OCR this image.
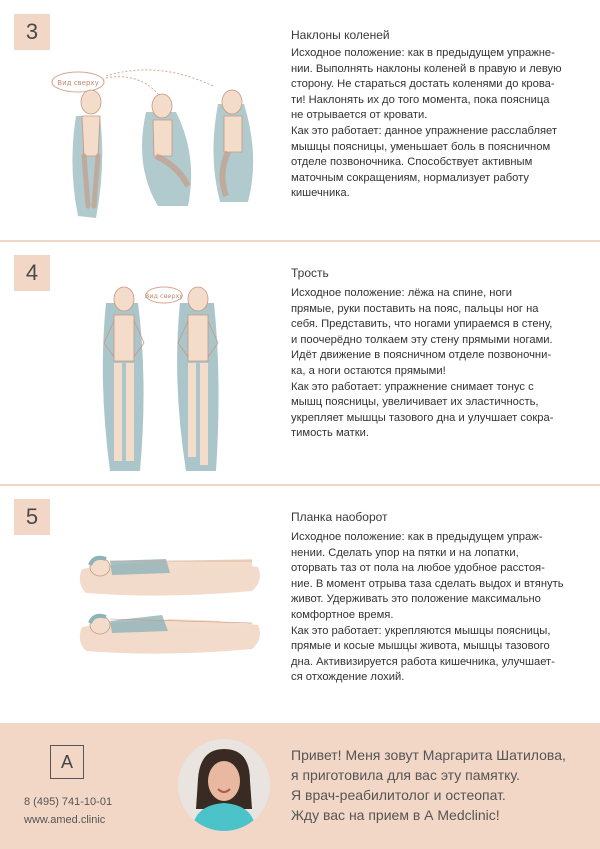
3
Вид сверху
Наклоны коленей

Исходное положение: как в предыдущем упражне-

нии. Выполнять наклоны коленей в правую и левую

сторону. Не стараться достать коленями до крова-

ти! Наклонять их до того момента, пока поясница

не отрывается от кровати.

Как это работает: данное упражнение расслабляет

мышцы поясницы, уменьшает боль в поясничном

отделе позвоночника. Способствует активным

маточным сокращениям, нормализует работу

кишечника.

4
Вид сверху
Трость

Исходное положение: лёжа на спине, ноги

прямые, руки поставить на пояс, пальцы ног на

себя. Представить, что ногами упираемся в стену,

и поочерёдно толкаем эту стену прямыми ногами.

Идёт движение в поясничном отделе позвоночни-

ка, а ноги остаются прямыми!

Как это работает: упражнение снимает тонус с

мышц поясницы, увеличивает их эластичность,

укрепляет мышцы тазового дна и улучшает сокра-

тимость матки.

5	Планка наоборот

Исходное положение: как в предыдущем упраж-

нении. Сделать упор на пятки и на лопатки,

оторвать таз от пола на любое удобное расстоя-

ние. В момент отрыва таза сделать выдох и втянуть

живот. Удерживать это положение максимально

комфортное время.

Как это работает: укрепляются мышцы поясницы,

прямые и косые мышцы живота, мышцы тазового

дна. Активизируется работа кишечника, улучшает-

ся отхождение лохий.

А
8 (495) 741-10-01
www.amed.clinic
Привет! Меня зовут Маргарита Шатилова,
я приготовила для вас эту памятку.
Я врач-реабилитолог и остеопат.
Жду вас на прием в А Medclinic!
